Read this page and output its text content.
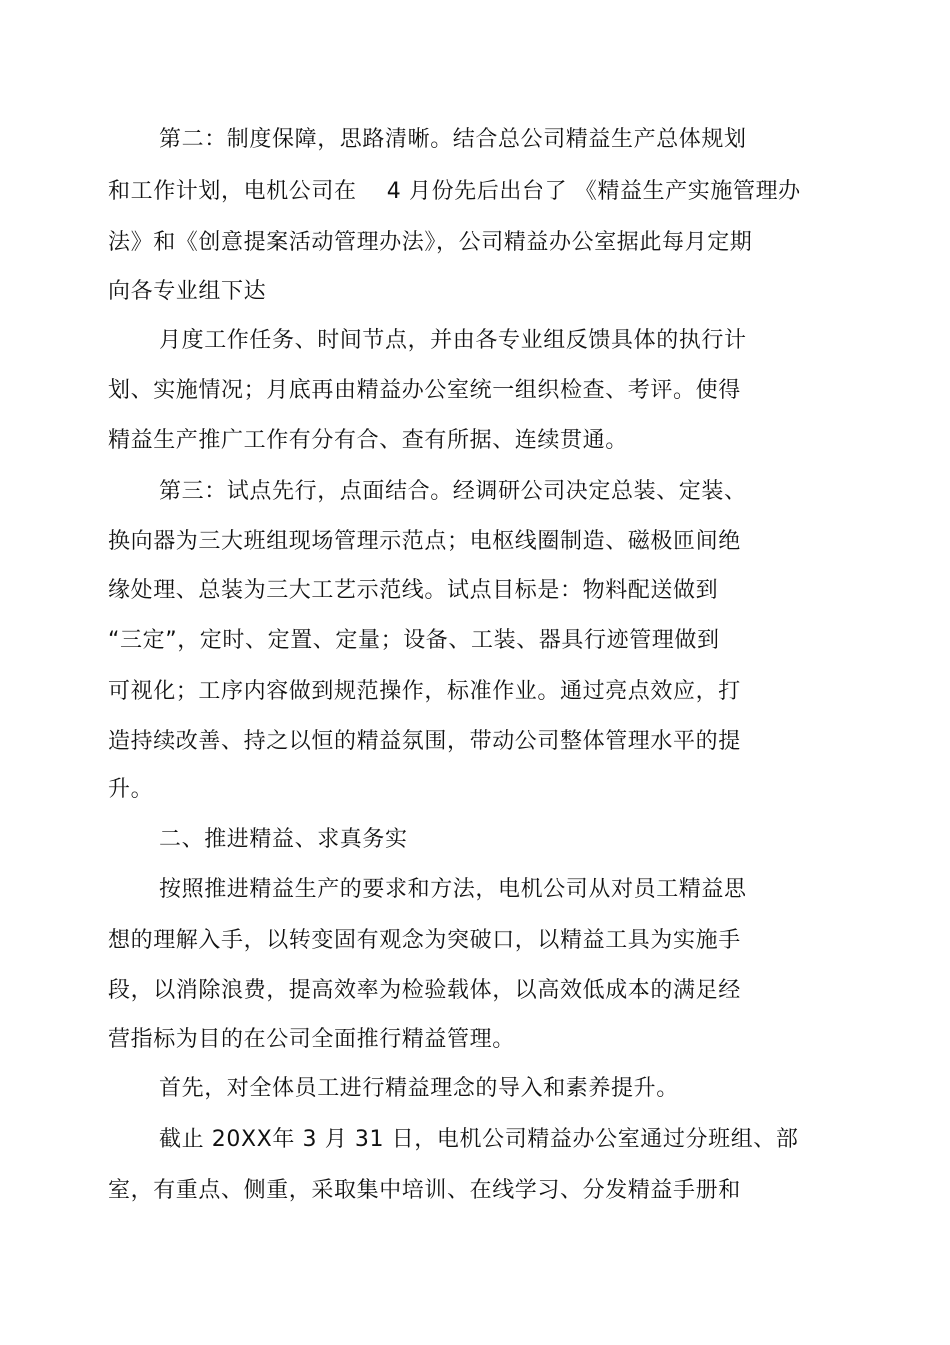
第二：制度保障，思路清晰。结合总公司精益生产总体规划

和工作计划，电机公司在　 4 月份先后出台了 《精益生产实施管理办

法》和《创意提案活动管理办法》，公司精益办公室据此每月定期

向各专业组下达

月度工作任务、时间节点，并由各专业组反馈具体的执行计

划、实施情况；月底再由精益办公室统一组织检查、考评。使得

精益生产推广工作有分有合、查有所据、连续贯通。

第三：试点先行，点面结合。经调研公司决定总装、定装、

换向器为三大班组现场管理示范点；电枢线圈制造、磁极匝间绝

缘处理、总装为三大工艺示范线。试点目标是：物料配送做到

“三定”，定时、定置、定量；设备、工装、器具行迹管理做到

可视化；工序内容做到规范操作，标准作业。通过亮点效应，打

造持续改善、持之以恒的精益氛围，带动公司整体管理水平的提

升。

二、推进精益、求真务实

按照推进精益生产的要求和方法，电机公司从对员工精益思

想的理解入手，以转变固有观念为突破口，以精益工具为实施手

段，以消除浪费，提高效率为检验载体，以高效低成本的满足经

营指标为目的在公司全面推行精益管理。

首先，对全体员工进行精益理念的导入和素养提升。

截止 20XX年 3 月 31 日，电机公司精益办公室通过分班组、部

室，有重点、侧重，采取集中培训、在线学习、分发精益手册和
